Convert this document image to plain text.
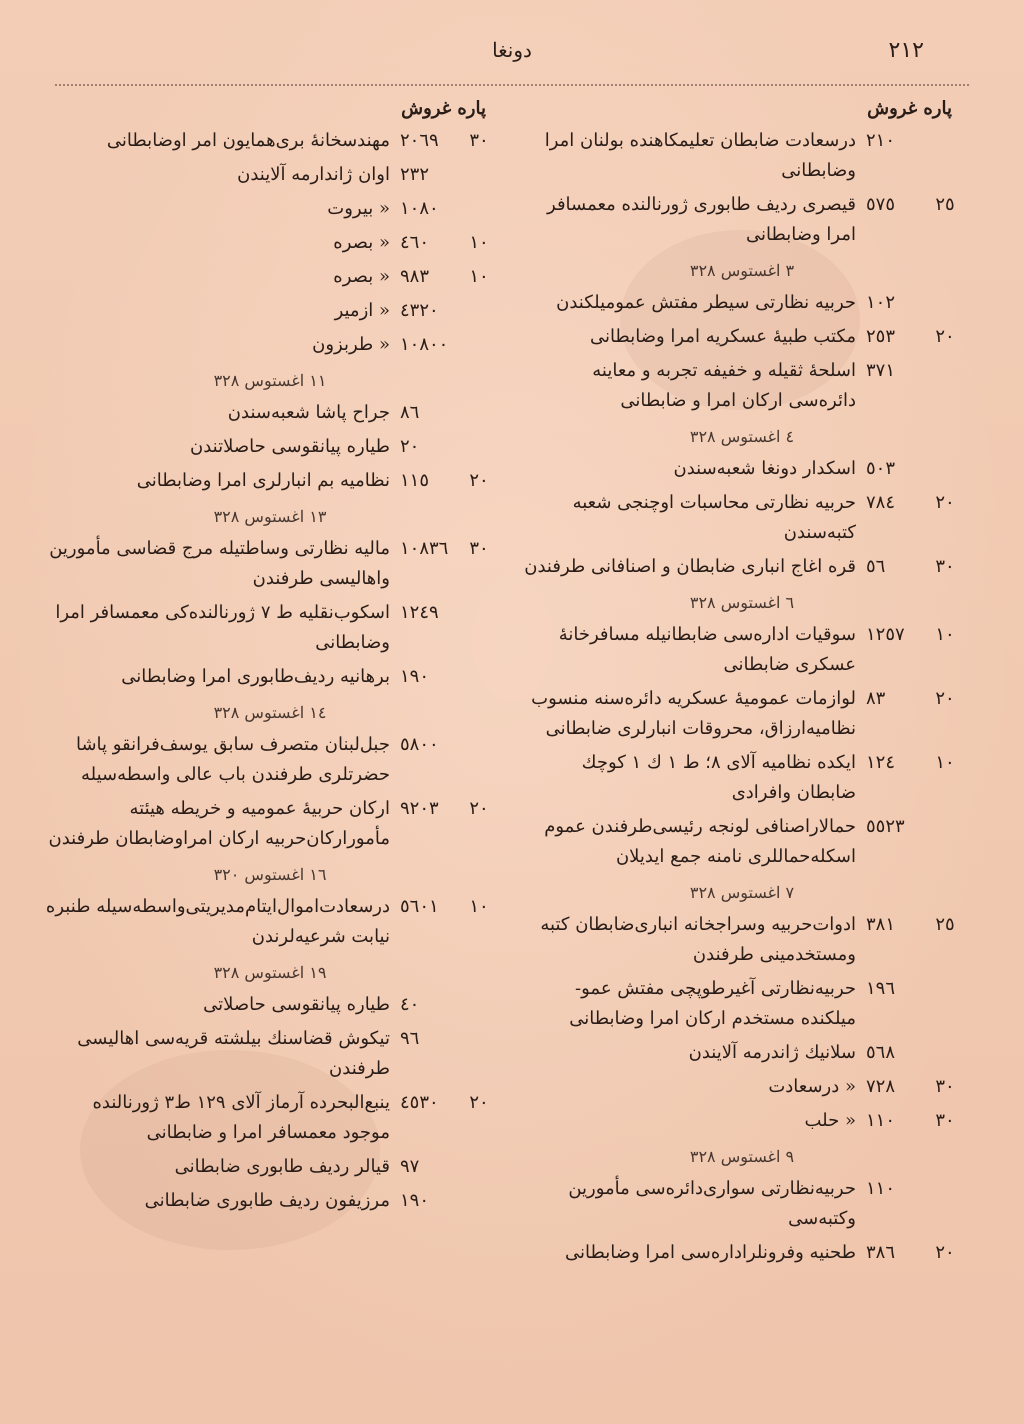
٢١٢
دونغا
پاره غروش
٢١٠
درسعادت ضابطان تعليمكاهنده بولنان امرا وضابطانى
٢٥
٥٧٥
قيصرى رديف طابورى ژورنالنده معمسافر امرا وضابطانى
٣ اغستوس ٣٢٨
١٠٢
حربيه نظارتى سيطر مفتش عموميلكندن
٢٠
٢٥٣
مكتب طبيهٔ عسكريه امرا وضابطانى
٣٧١
اسلحهٔ ثقيله و خفيفه تجربه و معاينه دائره‌سى اركان امرا و ضابطانى
٤ اغستوس ٣٢٨
٥٠٣
اسكدار دونغا شعبه‌سندن
٢٠
٧٨٤
حربيه نظارتى محاسبات اوچنجى شعبه كتبه‌سندن
٣٠
٥٦
قره اغاج انبارى ضابطان و اصنافانى طرفندن
٦ اغستوس ٣٢٨
١٠
١٢٥٧
سوقيات اداره‌سى ضابطانيله مسافرخانهٔ عسكرى ضابطانى
٢٠
٨٣
لوازمات عموميهٔ عسكريه دائره‌سنه منسوب نظاميه‌ارزاق، محروقات انبارلرى ضابطانى
١٠
١٢٤
ايكده نظاميه آلاى ٨؛ ط ١ ك ١ كوچك ضابطان وافرادى
٥٥٢٣
حمالاراصنافى لونجه رئيسى‌طرفندن عموم اسكله‌حماللرى نامنه جمع ايديلان
٧ اغستوس ٣٢٨
٢٥
٣٨١
ادوات‌حربيه وسراجخانه انبارى‌ضابطان كتبه ومستخدمينى طرفندن
١٩٦
حربيه‌نظارتى آغيرطوپچى مفتش عمو- ميلكنده مستخدم اركان امرا وضابطانى
٥٦٨
سلانيك ژاندرمه آلايندن
٣٠
٧٢٨
« درسعادت
٣٠
١١٠
« حلب
٩ اغستوس ٣٢٨
١١٠
حربيه‌نظارتى سوارى‌دائره‌سى مأمورين وكتبه‌سى
٢٠
٣٨٦
طحنيه وفرونلراداره‌سى امرا وضابطانى
پاره غروش
٣٠
٢٠٦٩
مهندسخانهٔ برى‌همايون امر اوضابطانى
٢٣٢
اوان ژاندارمه آلايندن
١٠٨٠
« بيروت
١٠
٤٦٠
« بصره
١٠
٩٨٣
« بصره
٤٣٢٠
« ازمير
١٠٨٠٠
« طربزون
١١ اغستوس ٣٢٨
٨٦
جراح پاشا شعبه‌سندن
٢٠
طياره پيانقو‌سى حاصلاتندن
٢٠
١١٥
نظاميه بم انبارلرى امرا وضابطانى
١٣ اغستوس ٣٢٨
٣٠
١٠٨٣٦
ماليه نظارتى وساطتيله مرج قضاسى مأمورين واهاليسى طرفندن
١٢٤٩
اسكوب‌نقليه ط ٧ ژورنالنده‌كى معمسافر امرا وضابطانى
١٩٠
برهانيه رديف‌طابورى امرا وضابطانى
١٤ اغستوس ٣٢٨
٥٨٠٠
جبل‌لبنان متصرف سابق يوسف‌فرانقو پاشا حضرتلرى طرفندن باب عالى واسطه‌سيله
٢٠
٩٢٠٣
اركان حربيهٔ عموميه و خريطه هيئته مأموراركان‌حربيه اركان امراوضابطان طرفندن
١٦ اغستوس ٣٢٠
١٠
٥٦٠١
درسعادت‌اموال‌ايتام‌مديريتى‌واسطه‌سيله طنبره نيابت شرعيه‌لرندن
١٩ اغستوس ٣٢٨
٤٠
طياره پيانقو‌سى حاصلاتى
٩٦
تيكوش قضاسنك بيلشته قريه‌سى اهاليسى طرفندن
٢٠
٤٥٣٠
ينبع‌البحرده آرماز آلاى ١٢٩ ط٣ ژورنالنده موجود معمسافر امرا و ضابطانى
٩٧
قيالر رديف طابورى ضابطانى
١٩٠
مرزيفون رديف طابورى ضابطانى
